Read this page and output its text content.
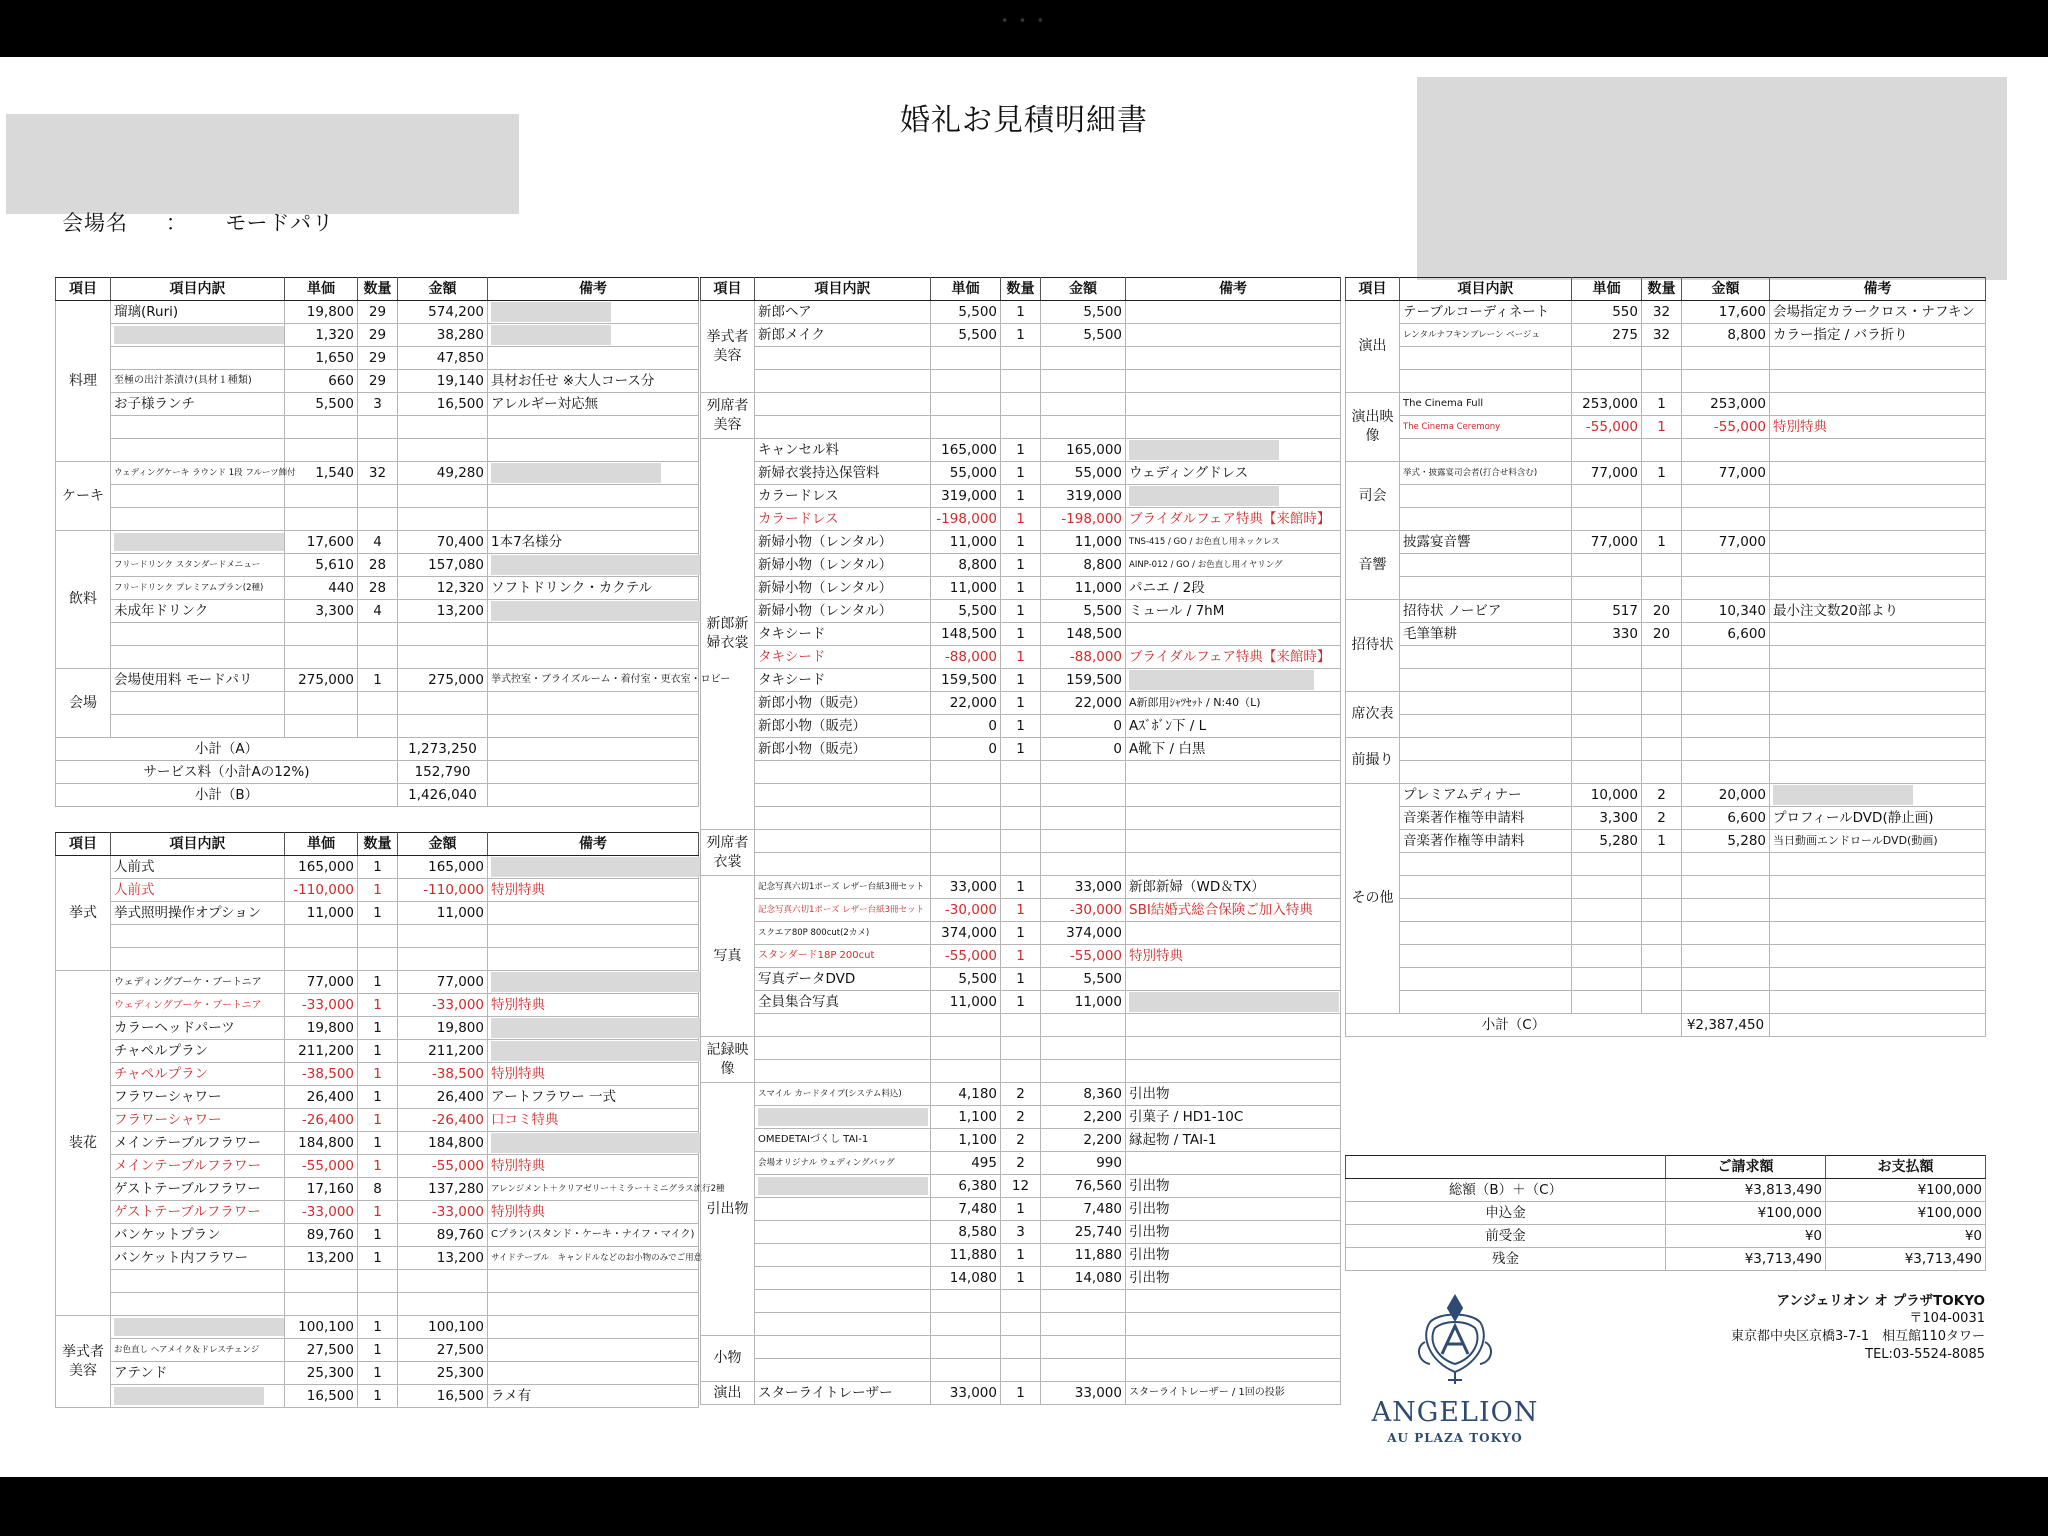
• • •
婚礼お見積明細書
会場名 ： モードパリ
項目	項目内訳	単価	数量	金額	備考
料理	瑠璃(Ruri)	19,800	29	574,200	
		1,320	29	38,280	
		1,650	29	47,850	
	至極の出汁茶漬け(具材１種類)	660	29	19,140	具材お任せ ※大人コース分
	お子様ランチ	5,500	3	16,500	アレルギー対応無

ケーキ	ウェディングケーキ ラウンド 1段 フルーツ飾付	1,540	32	49,280	

飲料		17,600	4	70,400	1本7名様分
	フリードリンク スタンダードメニュー	5,610	28	157,080	
	フリードリンク プレミアムプラン(2種)	440	28	12,320	ソフトドリンク・カクテル
	未成年ドリンク	3,300	4	13,200	

会場	会場使用料 モードパリ	275,000	1	275,000	挙式控室・ブライズルーム・着付室・更衣室・ロビー

小計（A）				1,273,250	
サービス料（小計Aの12%)				152,790	
小計（B）				1,426,040	
項目	項目内訳	単価	数量	金額	備考
挙式	人前式	165,000	1	165,000	
	人前式	-110,000	1	-110,000	特別特典
	挙式照明操作オプション	11,000	1	11,000	

装花	ウェディングブーケ・ブートニア	77,000	1	77,000	
	ウェディングブーケ・ブートニア	-33,000	1	-33,000	特別特典
	カラーヘッドパーツ	19,800	1	19,800	
	チャペルプラン	211,200	1	211,200	
	チャペルプラン	-38,500	1	-38,500	特別特典
	フラワーシャワー	26,400	1	26,400	アートフラワー 一式
	フラワーシャワー	-26,400	1	-26,400	口コミ特典
	メインテーブルフラワー	184,800	1	184,800	
	メインテーブルフラワー	-55,000	1	-55,000	特別特典
	ゲストテーブルフラワー	17,160	8	137,280	アレンジメント＋クリアゼリー＋ミラー＋ミニグラス流行2種
	ゲストテーブルフラワー	-33,000	1	-33,000	特別特典
	バンケットプラン	89,760	1	89,760	Cプラン(スタンド・ケーキ・ナイフ・マイク)
	バンケット内フラワー	13,200	1	13,200	サイドテーブル　キャンドルなどのお小物のみでご用意

挙式者美容		100,100	1	100,100	
	お色直し ヘアメイク＆ドレスチェンジ	27,500	1	27,500	
	アテンド	25,300	1	25,300	
		16,500	1	16,500	ラメ有
項目	項目内訳	単価	数量	金額	備考
挙式者美容	新郎ヘア	5,500	1	5,500	
	新郎メイク	5,500	1	5,500	

列席者美容					

新郎新婦衣裳	キャンセル料	165,000	1	165,000	
	新婦衣裳持込保管料	55,000	1	55,000	ウェディングドレス
	カラードレス	319,000	1	319,000	
	カラードレス	-198,000	1	-198,000	ブライダルフェア特典【来館時】
	新婦小物（レンタル）	11,000	1	11,000	TNS-415 / GO / お色直し用ネックレス
	新婦小物（レンタル）	8,800	1	8,800	AINP-012 / GO / お色直し用イヤリング
	新婦小物（レンタル）	11,000	1	11,000	パニエ / 2段
	新婦小物（レンタル）	5,500	1	5,500	ミュール / 7hM
	タキシード	148,500	1	148,500	
	タキシード	-88,000	1	-88,000	ブライダルフェア特典【来館時】
	タキシード	159,500	1	159,500	
	新郎小物（販売）	22,000	1	22,000	A新郎用ｼｬﾂｾｯﾄ / N:40（L)
	新郎小物（販売）	0	1	0	Aｽﾞﾎﾞﾝ下 / L
	新郎小物（販売）	0	1	0	A靴下 / 白黒

列席者衣裳					

写真	記念写真六切1ポーズ レザー台紙3冊セット	33,000	1	33,000	新郎新婦（WD＆TX）
	記念写真六切1ポーズ レザー台紙3冊セット	-30,000	1	-30,000	SBI結婚式総合保険ご加入特典
	スクエア80P 800cut(2カメ)	374,000	1	374,000	
	スタンダード18P 200cut	-55,000	1	-55,000	特別特典
	写真データDVD	5,500	1	5,500	
	全員集合写真	11,000	1	11,000	

記録映像					

引出物	スマイル カードタイプ(システム料込)	4,180	2	8,360	引出物
		1,100	2	2,200	引菓子 / HD1-10C
	OMEDETAIづくし TAI-1	1,100	2	2,200	縁起物 / TAI-1
	会場オリジナル ウェディングバッグ	495	2	990	
		6,380	12	76,560	引出物
		7,480	1	7,480	引出物
		8,580	3	25,740	引出物
		11,880	1	11,880	引出物
		14,080	1	14,080	引出物

小物					

演出	スターライトレーザー	33,000	1	33,000	スターライトレーザー / 1回の投影
項目	項目内訳	単価	数量	金額	備考
演出	テーブルコーディネート	550	32	17,600	会場指定カラークロス・ナフキン
	レンタルナフキンブレーン ベージュ	275	32	8,800	カラー指定 / バラ折り

演出映像	The Cinema Full	253,000	1	253,000	
	The Cinema Ceremony	-55,000	1	-55,000	特別特典

司会	挙式・披露宴司会者(打合せ料含む)	77,000	1	77,000	

音響	披露宴音響	77,000	1	77,000	

招待状	招待状 ノービア	517	20	10,340	最小注文数20部より
	毛筆筆耕	330	20	6,600	

席次表					

前撮り					

その他	プレミアムディナー	10,000	2	20,000	
	音楽著作権等申請料	3,300	2	6,600	プロフィールDVD(静止画)
	音楽著作権等申請料	5,280	1	5,280	当日動画エンドロールDVD(動画)

小計（C）				¥2,387,450	
	ご請求額	お支払額
総額（B）＋（C）	¥3,813,490	¥100,000
申込金	¥100,000	¥100,000
前受金	¥0	¥0
残金	¥3,713,490	¥3,713,490
ANGELION
AU PLAZA TOKYO
アンジェリオン オ プラザTOKYO
〒104-0031
東京都中央区京橋3-7-1　相互館110タワー
TEL:03-5524-8085
